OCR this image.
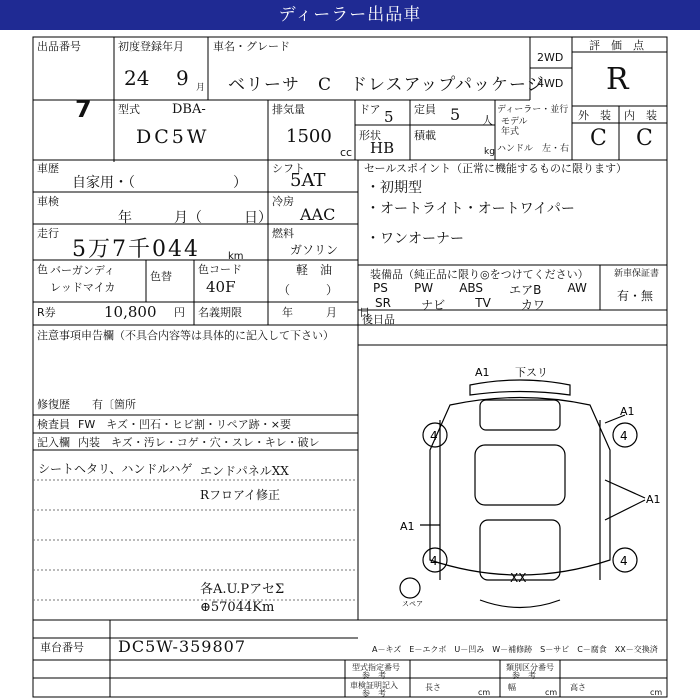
ディーラー出品車
出品番号
7
初度登録年月
24 9 月
車名・グレード
ベリーサ　C　ドレスアップパッケージ
2WD
4WD
評　価　点
R
型式 DBA-
DC5W
排気量
1500
cc
ドア 5 定員 5 人
形状
HB
積載
kg
ディーラー・並行
モデル
年式
ハンドル　左・右
外　装 内　装
C C
車歴
自家用・（　　　　　　　）
シフト
5AT
車検
年　　　月（　　　日）
冷房
AAC
走行
5万7千044	km
燃料
ガソリン
軽　油
（　　　）
色 バーガンディ
レッドマイカ
色替
色コード
40F
R券	10,800 円 名義期限	年　　　月　　日
セールスポイント（正常に機能するものに限ります）
・初期型
・オートライト・オートワイパー
・ワンオーナー
装備品（純正品に限り◎をつけてください）
PS PW ABS エアB AW
SR	ナビ	TV	カワ
新車保証書
有・無
後日品
注意事項申告欄（不具合内容等は具体的に記入して下さい）
修復歴　　有〔箇所
検査員 FW　キズ・凹石・ヒビ割・リペア跡・×要
記入欄 内装　キズ・汚レ・コゲ・穴・スレ・キレ・破レ
シートヘタリ、ハンドルハゲ エンドパネルXX
Rフロアイ修正
各A.U.PアセΣ
⊕57044Km
A1 下スリ
A1
A1
A1
4	4
4	4
XX
スペア
車台番号 DC5W-359807	A－キズ　E－エクボ　U－凹み　W－補修跡　S－サビ　C－腐食　XX－交換済
型式指定番号
参　考
類別区分番号
参　考
車検証明記入
参　考
長さ
cm
幅
cm
高さ
cm
